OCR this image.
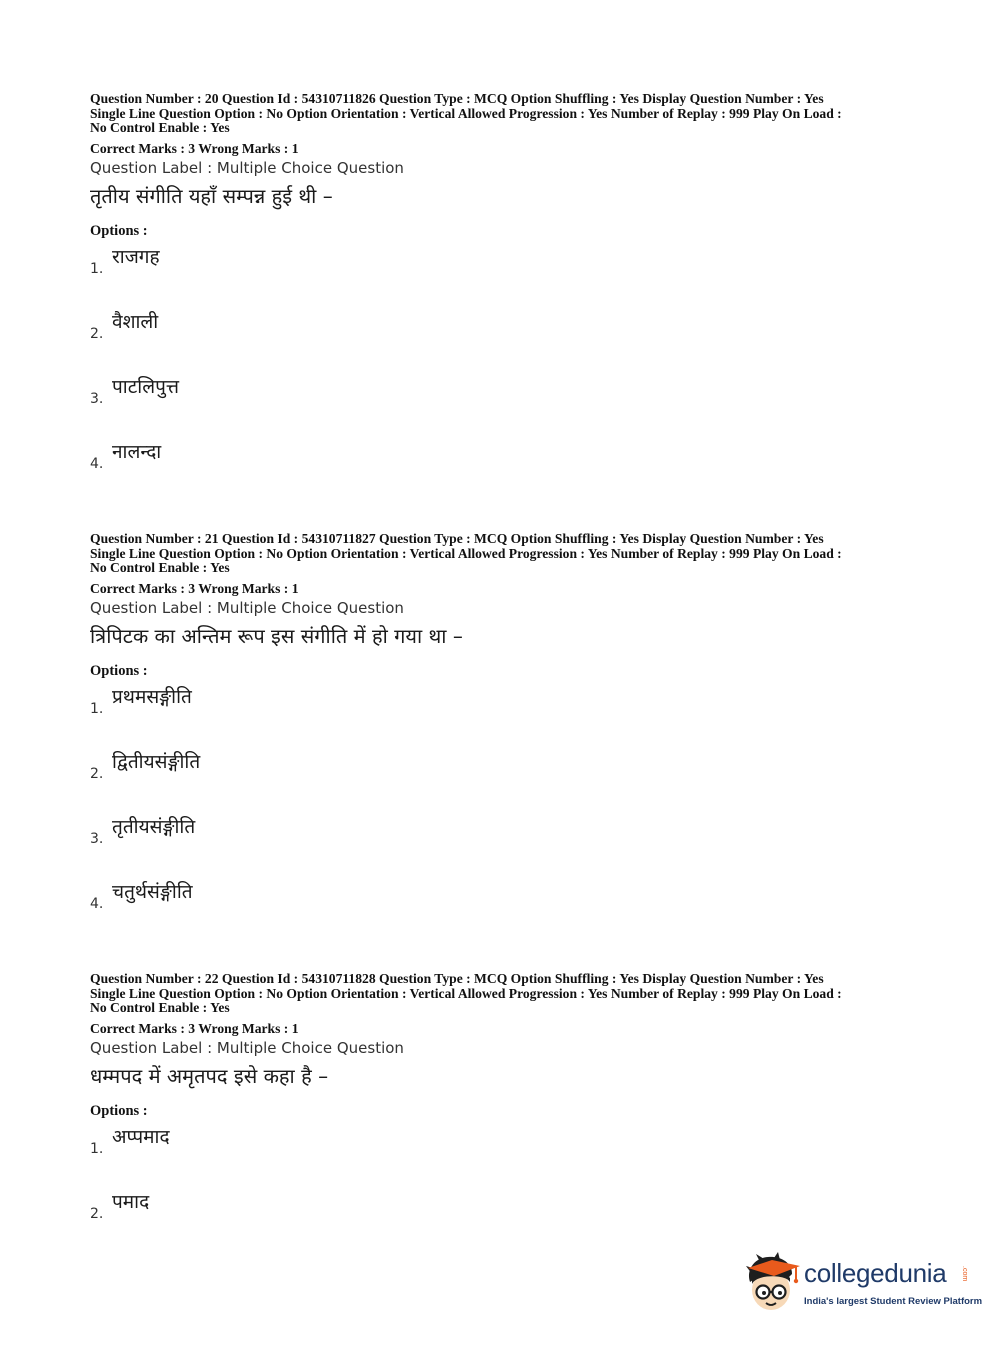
Question Number : 20 Question Id : 54310711826 Question Type : MCQ Option Shuffling : Yes Display Question Number : Yes

Single Line Question Option : No Option Orientation : Vertical Allowed Progression : Yes Number of Replay : 999 Play On Load :

No Control Enable : Yes

Correct Marks : 3 Wrong Marks : 1
Question Label : Multiple Choice Question
तृतीय संगीति यहाँ सम्पन्न हुई थी –
Options :
1.
राजगह
2.
वैशाली
3.
पाटलिपुत्त
4.
नालन्दा

Question Number : 21 Question Id : 54310711827 Question Type : MCQ Option Shuffling : Yes Display Question Number : Yes

Single Line Question Option : No Option Orientation : Vertical Allowed Progression : Yes Number of Replay : 999 Play On Load :

No Control Enable : Yes

Correct Marks : 3 Wrong Marks : 1
Question Label : Multiple Choice Question
त्रिपिटक का अन्तिम रूप इस संगीति में हो गया था –
Options :
1.
प्रथमसङ्गीति
2.
द्वितीयसंङ्गीति
3.
तृतीयसंङ्गीति
4.
चतुर्थसंङ्गीति

Question Number : 22 Question Id : 54310711828 Question Type : MCQ Option Shuffling : Yes Display Question Number : Yes

Single Line Question Option : No Option Orientation : Vertical Allowed Progression : Yes Number of Replay : 999 Play On Load :

No Control Enable : Yes

Correct Marks : 3 Wrong Marks : 1
Question Label : Multiple Choice Question
धम्मपद में अमृतपद इसे कहा है –
Options :
1.
अप्पमाद
2.
पमाद
collegedunia .com
India's largest Student Review Platform
